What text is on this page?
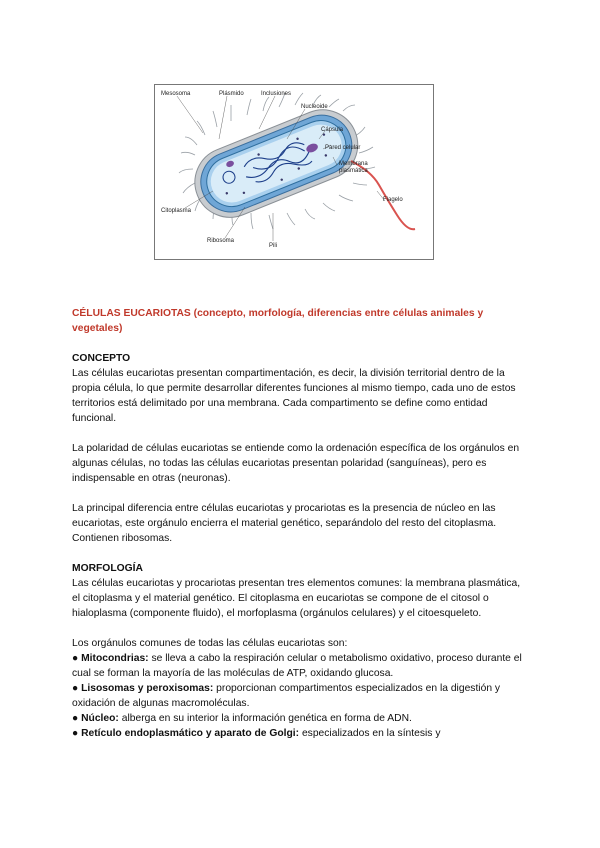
Mesosoma	Plásmido	Inclusiones
Nucleoide
Cápsula
Pared celular
Membrana
plasmática
Flagelo
Citoplasma
Ribosoma
Pili
CÉLULAS EUCARIOTAS (concepto, morfología, diferencias entre células animales y vegetales)
CONCEPTO

Las células eucariotas presentan compartimentación, es decir, la división territorial dentro de la propia célula, lo que permite desarrollar diferentes funciones al mismo tiempo, cada uno de estos territorios está delimitado por una membrana. Cada compartimento se define como entidad funcional.

La polaridad de células eucariotas se entiende como la ordenación específica de los orgánulos en algunas células, no todas las células eucariotas presentan polaridad (sanguíneas), pero es indispensable en otras (neuronas).

La principal diferencia entre células eucariotas y procariotas es la presencia de núcleo en las eucariotas, este orgánulo encierra el material genético, separándolo del resto del citoplasma. Contienen ribosomas.

MORFOLOGÍA

Las células eucariotas y procariotas presentan tres elementos comunes: la membrana plasmática, el citoplasma y el material genético. El citoplasma en eucariotas se compone de el citosol o hialoplasma (componente fluido), el morfoplasma (orgánulos celulares) y el citoesqueleto.

Los orgánulos comunes de todas las células eucariotas son:

● Mitocondrias: se lleva a cabo la respiración celular o metabolismo oxidativo, proceso durante el cual se forman la mayoría de las moléculas de ATP, oxidando glucosa.

● Lisosomas y peroxisomas: proporcionan compartimentos especializados en la digestión y oxidación de algunas macromoléculas.

● Núcleo: alberga en su interior la información genética en forma de ADN.

● Retículo endoplasmático y aparato de Golgi: especializados en la síntesis y
